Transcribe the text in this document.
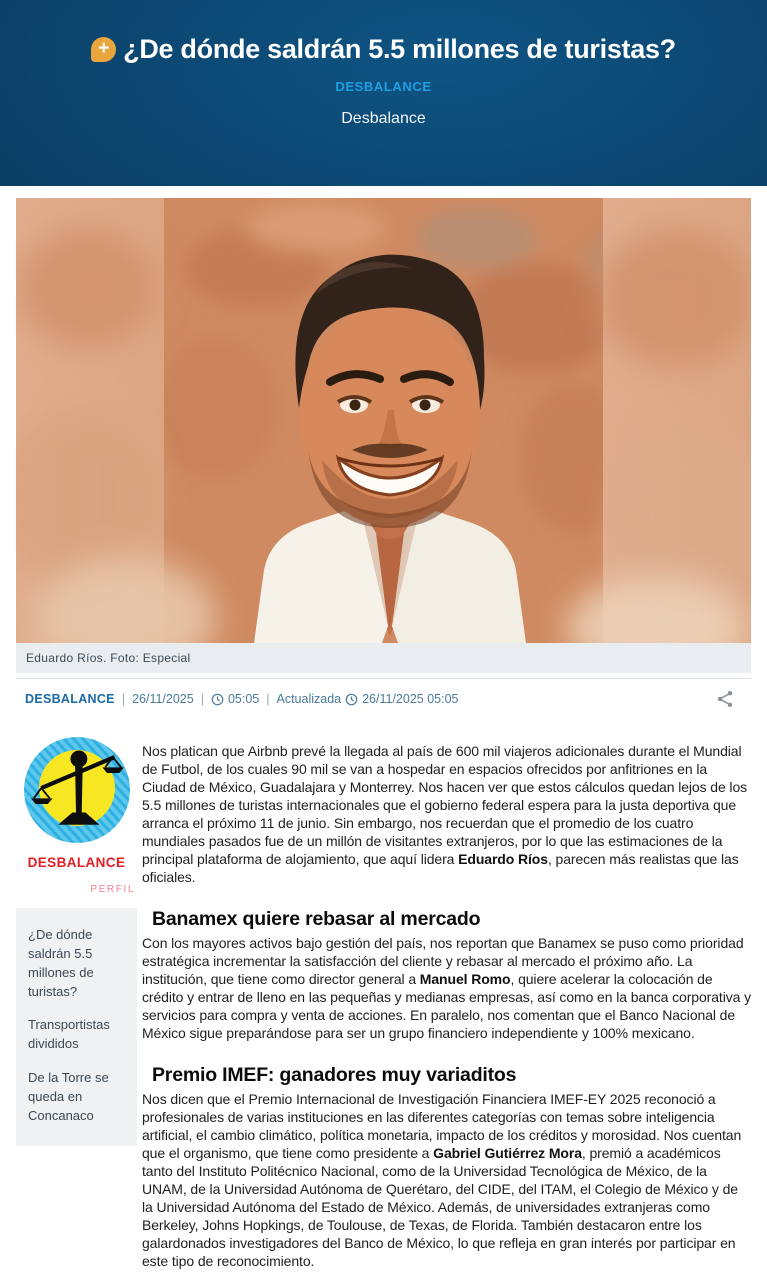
+ ¿De dónde saldrán 5.5 millones de turistas?
DESBALANCE
Desbalance
Eduardo Ríos. Foto: Especial
DESBALANCE | 26/11/2025 | 05:05 | Actualizada 26/11/2025 05:05
DESBALANCE
PERFIL
¿De dónde saldrán 5.5 millones de turistas?
Transportistas divididos
De la Torre se queda en Concanaco

Nos platican que Airbnb prevé la llegada al país de 600 mil viajeros adicionales durante el Mundial de Futbol, de los cuales 90 mil se van a hospedar en espacios ofrecidos por anfitriones en la Ciudad de México, Guadalajara y Monterrey. Nos hacen ver que estos cálculos quedan lejos de los 5.5 millones de turistas internacionales que el gobierno federal espera para la justa deportiva que arranca el próximo 11 de junio. Sin embargo, nos recuerdan que el promedio de los cuatro mundiales pasados fue de un millón de visitantes extranjeros, por lo que las estimaciones de la principal plataforma de alojamiento, que aquí lidera Eduardo Ríos, parecen más realistas que las oficiales.

Banamex quiere rebasar al mercado

Con los mayores activos bajo gestión del país, nos reportan que Banamex se puso como prioridad estratégica incrementar la satisfacción del cliente y rebasar al mercado el próximo año. La institución, que tiene como director general a Manuel Romo, quiere acelerar la colocación de crédito y entrar de lleno en las pequeñas y medianas empresas, así como en la banca corporativa y servicios para compra y venta de acciones. En paralelo, nos comentan que el Banco Nacional de México sigue preparándose para ser un grupo financiero independiente y 100% mexicano.

Premio IMEF: ganadores muy variaditos

Nos dicen que el Premio Internacional de Investigación Financiera IMEF-EY 2025 reconoció a profesionales de varias instituciones en las diferentes categorías con temas sobre inteligencia artificial, el cambio climático, política monetaria, impacto de los créditos y morosidad. Nos cuentan que el organismo, que tiene como presidente a Gabriel Gutiérrez Mora, premió a académicos tanto del Instituto Politécnico Nacional, como de la Universidad Tecnológica de México, de la UNAM, de la Universidad Autónoma de Querétaro, del CIDE, del ITAM, el Colegio de México y de la Universidad Autónoma del Estado de México. Además, de universidades extranjeras como Berkeley, Johns Hopkings, de Toulouse, de Texas, de Florida. También destacaron entre los galardonados investigadores del Banco de México, lo que refleja en gran interés por participar en este tipo de reconocimiento.
